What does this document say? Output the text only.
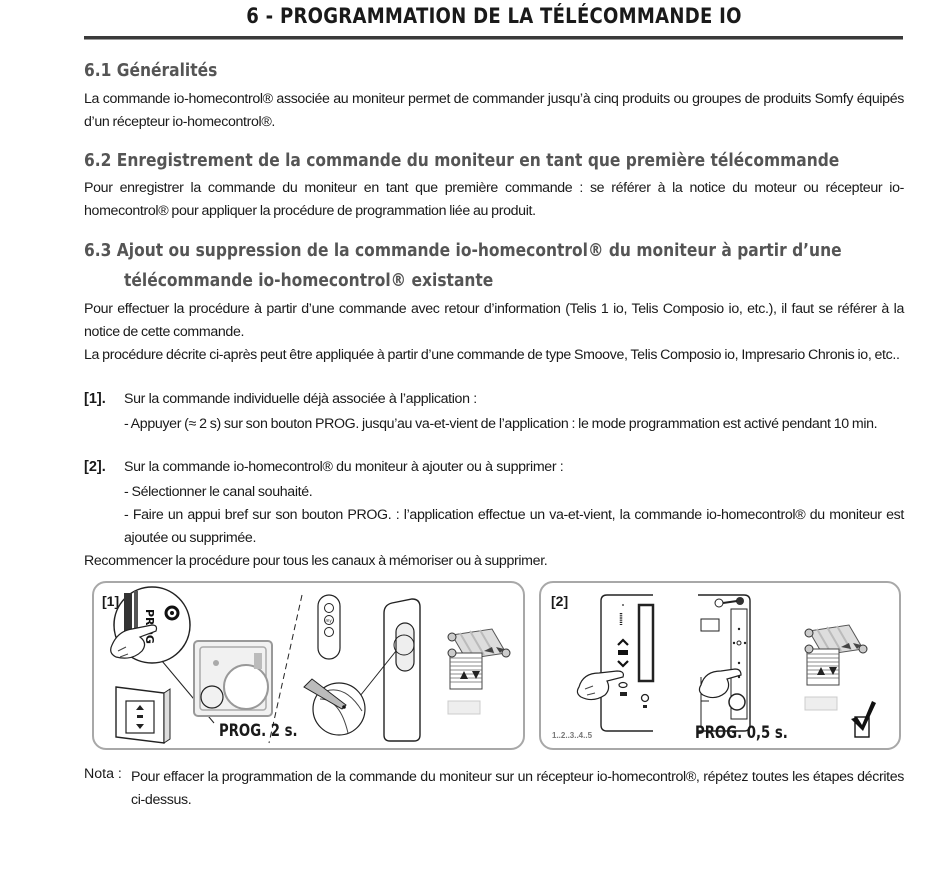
6 - PROGRAMMATION DE LA TÉLÉCOMMANDE IO
6.1 Généralités
La commande io-homecontrol® associée au moniteur permet de commander jusqu’à cinq produits ou groupes de produits Somfy équipés d’un récepteur io-homecontrol®.
6.2 Enregistrement de la commande du moniteur en tant que première télécommande
Pour enregistrer la commande du moniteur en tant que première commande : se référer à la notice du moteur ou récepteur io-homecontrol® pour appliquer la procédure de programmation liée au produit.
6.3 Ajout ou suppression de la commande io-homecontrol® du moniteur à partir d’une
télécommande io-homecontrol® existante
Pour effectuer la procédure à partir d’une commande avec retour d’information (Telis 1 io, Telis Composio io, etc.), il faut se référer à la notice de cette commande.
La procédure décrite ci-après peut être appliquée à partir d’une commande de type Smoove, Telis Composio io, Impresario Chronis io, etc..
[1]. Sur la commande individuelle déjà associée à l’application :
- Appuyer (≈ 2 s) sur son bouton PROG. jusqu’au va-et-vient de l’application : le mode programmation est activé pendant 10 min.
[2]. Sur la commande io-homecontrol® du moniteur à ajouter ou à supprimer :
- Sélectionner le canal souhaité.
- Faire un appui bref sur son bouton PROG. : l’application effectue un va-et-vient, la commande io-homecontrol® du moniteur est ajoutée ou supprimée.
Recommencer la procédure pour tous les canaux à mémoriser ou à supprimer.
[1]
my
PROG. 2 s.
[2]
1..2..3..4..5	PROG. 0,5 s.
Nota : Pour effacer la programmation de la commande du moniteur sur un récepteur io-homecontrol®, répétez toutes les étapes décrites ci-dessus.
